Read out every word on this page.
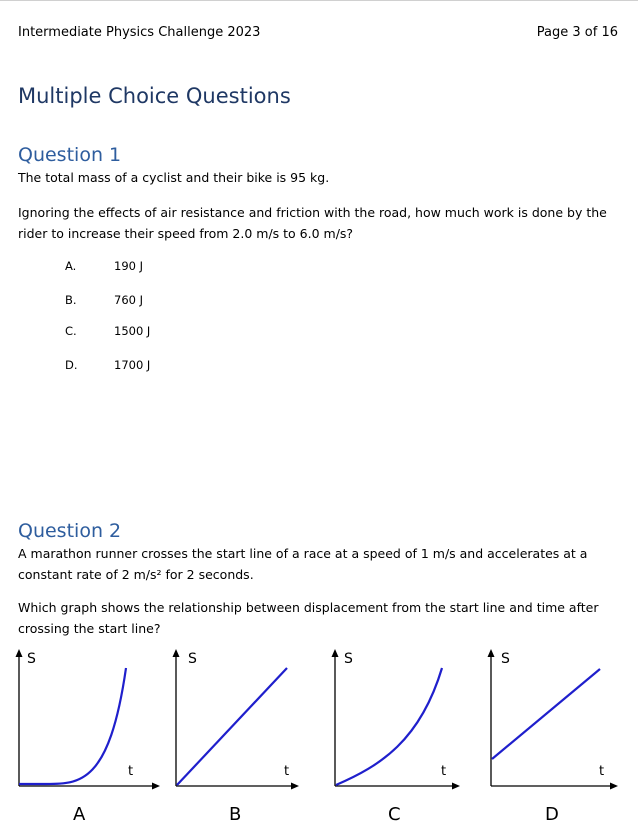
Intermediate Physics Challenge 2023	Page 3 of 16
Multiple Choice Questions
Question 1
The total mass of a cyclist and their bike is 95 kg.
Ignoring the effects of air resistance and friction with the road, how much work is done by the rider to increase their speed from 2.0 m/s to 6.0 m/s?
A.	190 J
B.	760 J
C.	1500 J
D.	1700 J
Question 2
A marathon runner crosses the start line of a race at a speed of 1 m/s and accelerates at a constant rate of 2 m/s² for 2 seconds.
Which graph shows the relationship between displacement from the start line and time after crossing the start line?
S
t
A
S
t
B
S
t
C
S
t
D
